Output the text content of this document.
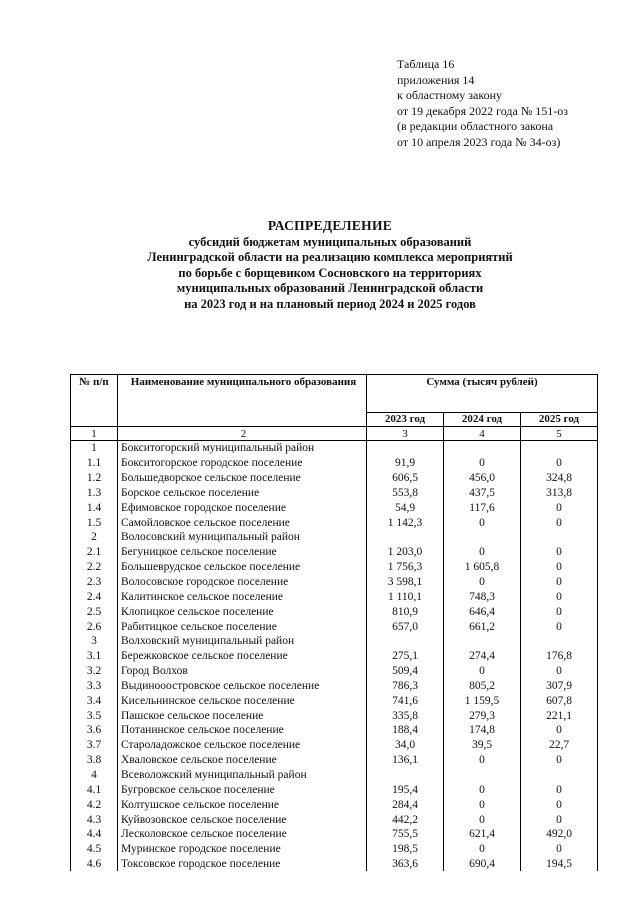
Таблица 16
приложения 14
к областному закону
от 19 декабря 2022 года № 151-оз
(в редакции областного закона
от 10 апреля 2023 года № 34-оз)
РАСПРЕДЕЛЕНИЕ
субсидий бюджетам муниципальных образований
Ленинградской области на реализацию комплекса мероприятий
по борьбе с борщевиком Сосновского на территориях
муниципальных образований Ленинградской области
на 2023 год и на плановый период 2024 и 2025 годов
№ п/п	Наименование муниципального образования	Сумма (тысяч рублей)		
		2023 год	2024 год	2025 год
1	2	3	4	5
1	Бокситогорский муниципальный район			
1.1	Бокситогорское городское поселение	91,9	0	0
1.2	Большедворское сельское поселение	606,5	456,0	324,8
1.3	Борское сельское поселение	553,8	437,5	313,8
1.4	Ефимовское городское поселение	54,9	117,6	0
1.5	Самойловское сельское поселение	1 142,3	0	0
2	Волосовский муниципальный район			
2.1	Бегуницкое сельское поселение	1 203,0	0	0
2.2	Большеврудское сельское поселение	1 756,3	1 605,8	0
2.3	Волосовское городское поселение	3 598,1	0	0
2.4	Калитинское сельское поселение	1 110,1	748,3	0
2.5	Клопицкое сельское поселение	810,9	646,4	0
2.6	Рабитицкое сельское поселение	657,0	661,2	0
3	Волховский муниципальный район			
3.1	Бережковское сельское поселение	275,1	274,4	176,8
3.2	Город Волхов	509,4	0	0
3.3	Выдинооостровское сельское поселение	786,3	805,2	307,9
3.4	Кисельнинское сельское поселение	741,6	1 159,5	607,8
3.5	Пашское сельское поселение	335,8	279,3	221,1
3.6	Потанинское сельское поселение	188,4	174,8	0
3.7	Староладожское сельское поселение	34,0	39,5	22,7
3.8	Хваловское сельское поселение	136,1	0	0
4	Всеволожский муниципальный район			
4.1	Бугровское сельское поселение	195,4	0	0
4.2	Колтушское сельское поселение	284,4	0	0
4.3	Куйвозовское сельское поселение	442,2	0	0
4.4	Лесколовское сельское поселение	755,5	621,4	492,0
4.5	Муринское городское поселение	198,5	0	0
4.6	Токсовское городское поселение	363,6	690,4	194,5
